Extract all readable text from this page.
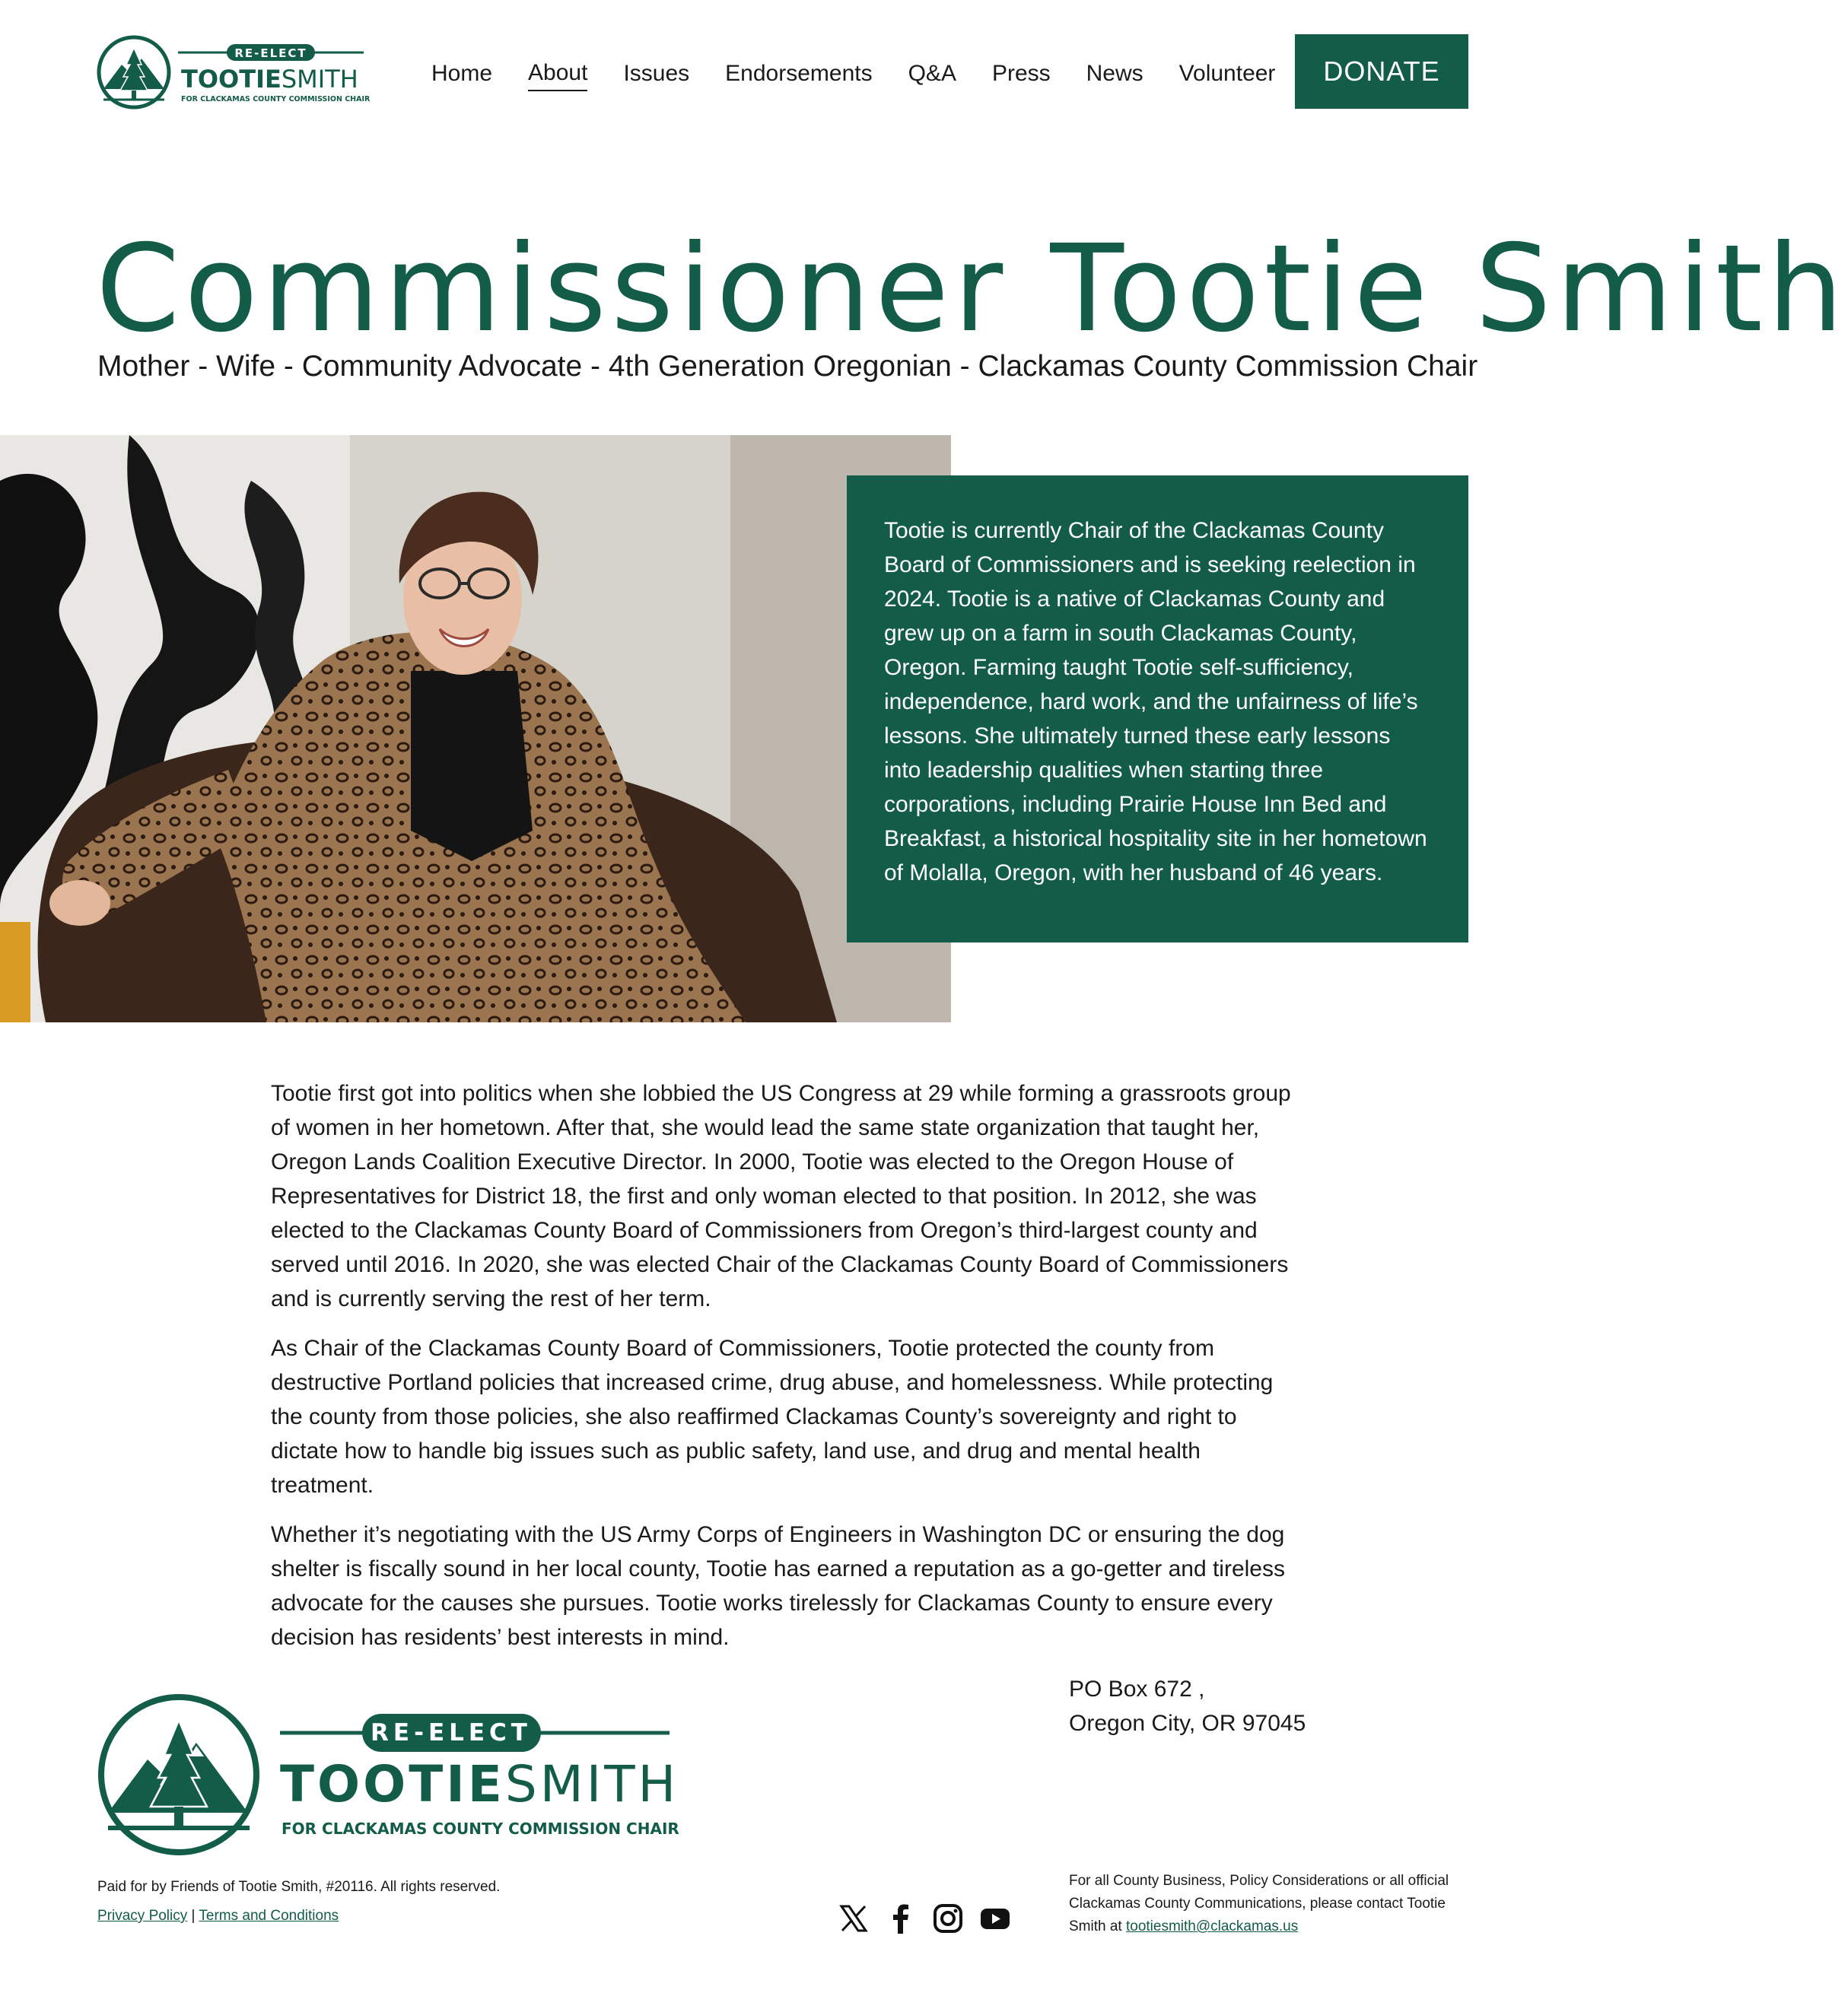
RE-ELECT
TOOTIESMITH
FOR CLACKAMAS COUNTY COMMISSION CHAIR
Home About Issues Endorsements Q&A Press News Volunteer	DONATE
Commissioner Tootie Smith
Mother - Wife - Community Advocate - 4th Generation Oregonian - Clackamas County Commission Chair

Tootie is currently Chair of the Clackamas County Board of Commissioners and is seeking reelection in 2024. Tootie is a native of Clackamas County and grew up on a farm in south Clackamas County, Oregon. Farming taught Tootie self-sufficiency, independence, hard work, and the unfairness of life’s lessons. She ultimately turned these early lessons into leadership qualities when starting three corporations, including Prairie House Inn Bed and Breakfast, a historical hospitality site in her hometown of Molalla, Oregon, with her husband of 46 years.

Tootie first got into politics when she lobbied the US Congress at 29 while forming a grassroots group of women in her hometown. After that, she would lead the same state organization that taught her, Oregon Lands Coalition Executive Director. In 2000, Tootie was elected to the Oregon House of Representatives for District 18, the first and only woman elected to that position. In 2012, she was elected to the Clackamas County Board of Commissioners from Oregon’s third-largest county and served until 2016. In 2020, she was elected Chair of the Clackamas County Board of Commissioners and is currently serving the rest of her term.

As Chair of the Clackamas County Board of Commissioners, Tootie protected the county from destructive Portland policies that increased crime, drug abuse, and homelessness. While protecting the county from those policies, she also reaffirmed Clackamas County’s sovereignty and right to dictate how to handle big issues such as public safety, land use, and drug and mental health treatment.

Whether it’s negotiating with the US Army Corps of Engineers in Washington DC or ensuring the dog shelter is fiscally sound in her local county, Tootie has earned a reputation as a go-getter and tireless advocate for the causes she pursues. Tootie works tirelessly for Clackamas County to ensure every decision has residents’ best interests in mind.

RE-ELECT
TOOTIESMITH
FOR CLACKAMAS COUNTY COMMISSION CHAIR
PO Box 672 ,
Oregon City, OR 97045
Paid for by Friends of Tootie Smith, #20116. All rights reserved.
Privacy Policy | Terms and Conditions
For all County Business, Policy Considerations or all official Clackamas County Communications, please contact Tootie Smith at tootiesmith@clackamas.us
